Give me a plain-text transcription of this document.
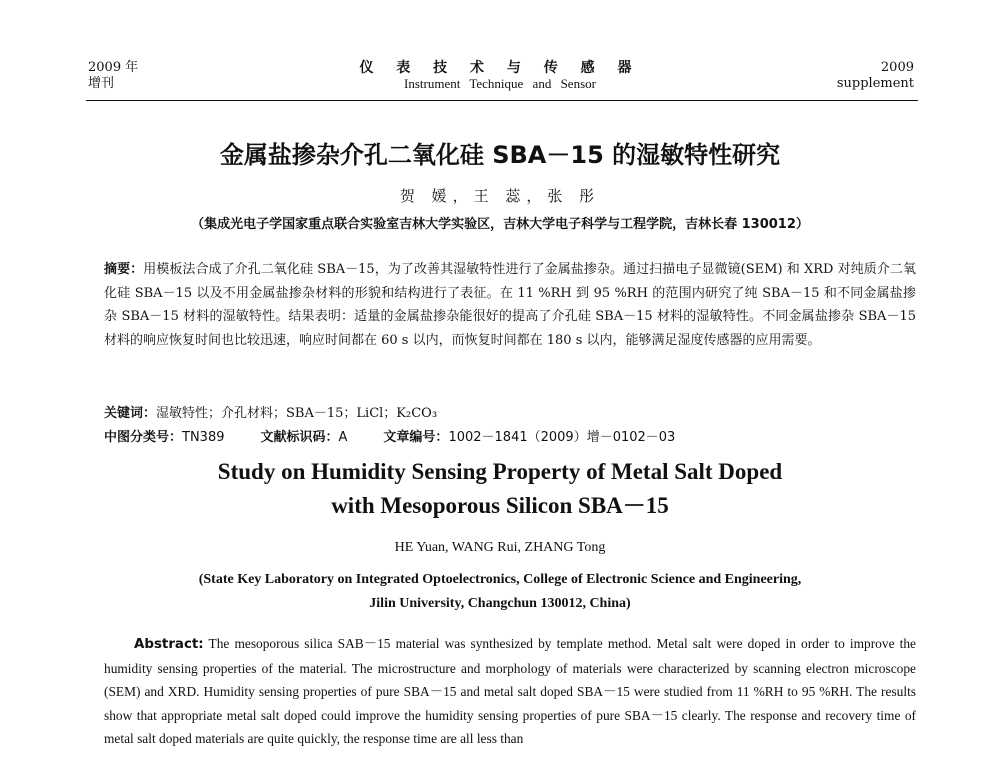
2009 年
增刊
仪 表 技 术 与 传 感 器
Instrument Technique and Sensor
2009
supplement
金属盐掺杂介孔二氧化硅 SBA－15 的湿敏特性研究
贺 媛，王 蕊，张 彤
（集成光电子学国家重点联合实验室吉林大学实验区，吉林大学电子科学与工程学院，吉林长春 130012）
摘要：用模板法合成了介孔二氧化硅 SBA－15，为了改善其湿敏特性进行了金属盐掺杂。通过扫描电子显微镜(SEM) 和 XRD 对纯质介二氧化硅 SBA－15 以及不用金属盐掺杂材料的形貌和结构进行了表征。在 11 %RH 到 95 %RH 的范围内研究了纯 SBA－15 和不同金属盐掺杂 SBA－15 材料的湿敏特性。结果表明：适量的金属盐掺杂能很好的提高了介孔硅 SBA－15 材料的湿敏特性。不同金属盐掺杂 SBA－15 材料的响应恢复时间也比较迅速，响应时间都在 60 s 以内，而恢复时间都在 180 s 以内，能够满足湿度传感器的应用需要。
关键词：湿敏特性；介孔材料；SBA－15；LiCl；K₂CO₃
中图分类号：TN389	文献标识码：A	文章编号：1002－1841（2009）增－0102－03
Study on Humidity Sensing Property of Metal Salt Doped
with Mesoporous Silicon SBA－15
HE Yuan, WANG Rui, ZHANG Tong
(State Key Laboratory on Integrated Optoelectronics, College of Electronic Science and Engineering,
Jilin University, Changchun 130012, China)
Abstract: The mesoporous silica SAB－15 material was synthesized by template method. Metal salt were doped in order to improve the humidity sensing properties of the material. The microstructure and morphology of materials were characterized by scanning electron microscope (SEM) and XRD. Humidity sensing properties of pure SBA－15 and metal salt doped SBA－15 were studied from 11 %RH to 95 %RH. The results show that appropriate metal salt doped could improve the humidity sensing properties of pure SBA－15 clearly. The response and recovery time of metal salt doped materials are quite quickly, the response time are all less than
